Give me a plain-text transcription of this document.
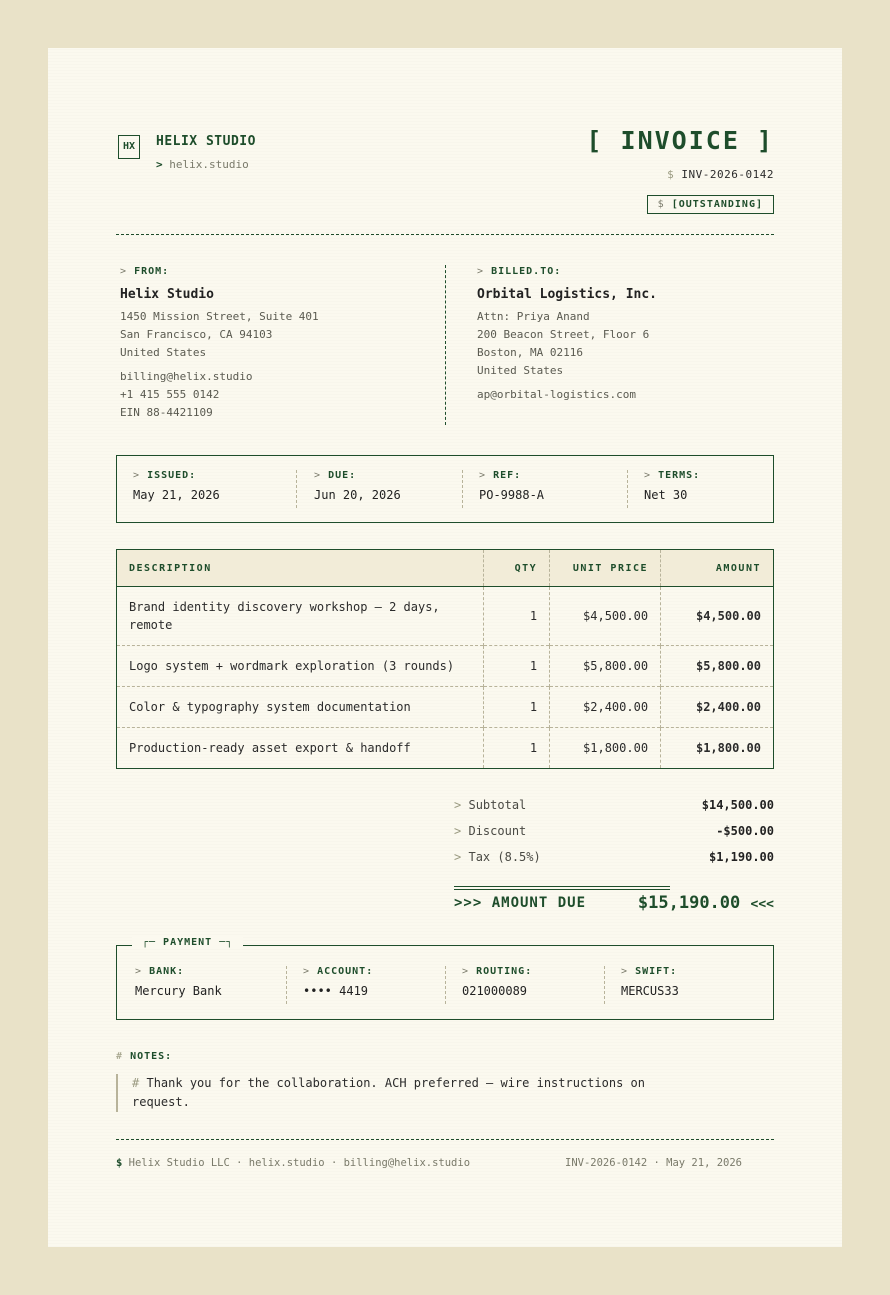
HX	HELIX STUDIO
> helix.studio
[ INVOICE ]
$ INV-2026-0142
$ [OUTSTANDING]
> FROM:
Helix Studio
1450 Mission Street, Suite 401
San Francisco, CA 94103
United States
billing@helix.studio
+1 415 555 0142
EIN 88-4421109
> BILLED.TO:
Orbital Logistics, Inc.
Attn: Priya Anand
200 Beacon Street, Floor 6
Boston, MA 02116
United States
ap@orbital-logistics.com
> ISSUED:
May 21, 2026
> DUE:
Jun 20, 2026
> REF:
PO-9988-A
> TERMS:
Net 30
DESCRIPTION	QTY	UNIT PRICE	AMOUNT
Brand identity discovery workshop — 2 days, remote	1	$4,500.00	$4,500.00
Logo system + wordmark exploration (3 rounds)	1	$5,800.00	$5,800.00
Color & typography system documentation	1	$2,400.00	$2,400.00
Production-ready asset export & handoff	1	$1,800.00	$1,800.00
> Subtotal	$14,500.00
> Discount	-$500.00
> Tax (8.5%)	$1,190.00
>>> AMOUNT DUE	$15,190.00 <<<
┌─ PAYMENT ─┐
> BANK:
Mercury Bank
> ACCOUNT:
•••• 4419
> ROUTING:
021000089
> SWIFT:
MERCUS33
# NOTES:
# Thank you for the collaboration. ACH preferred — wire instructions on request.
$ Helix Studio LLC · helix.studio · billing@helix.studio	INV-2026-0142 · May 21, 2026
